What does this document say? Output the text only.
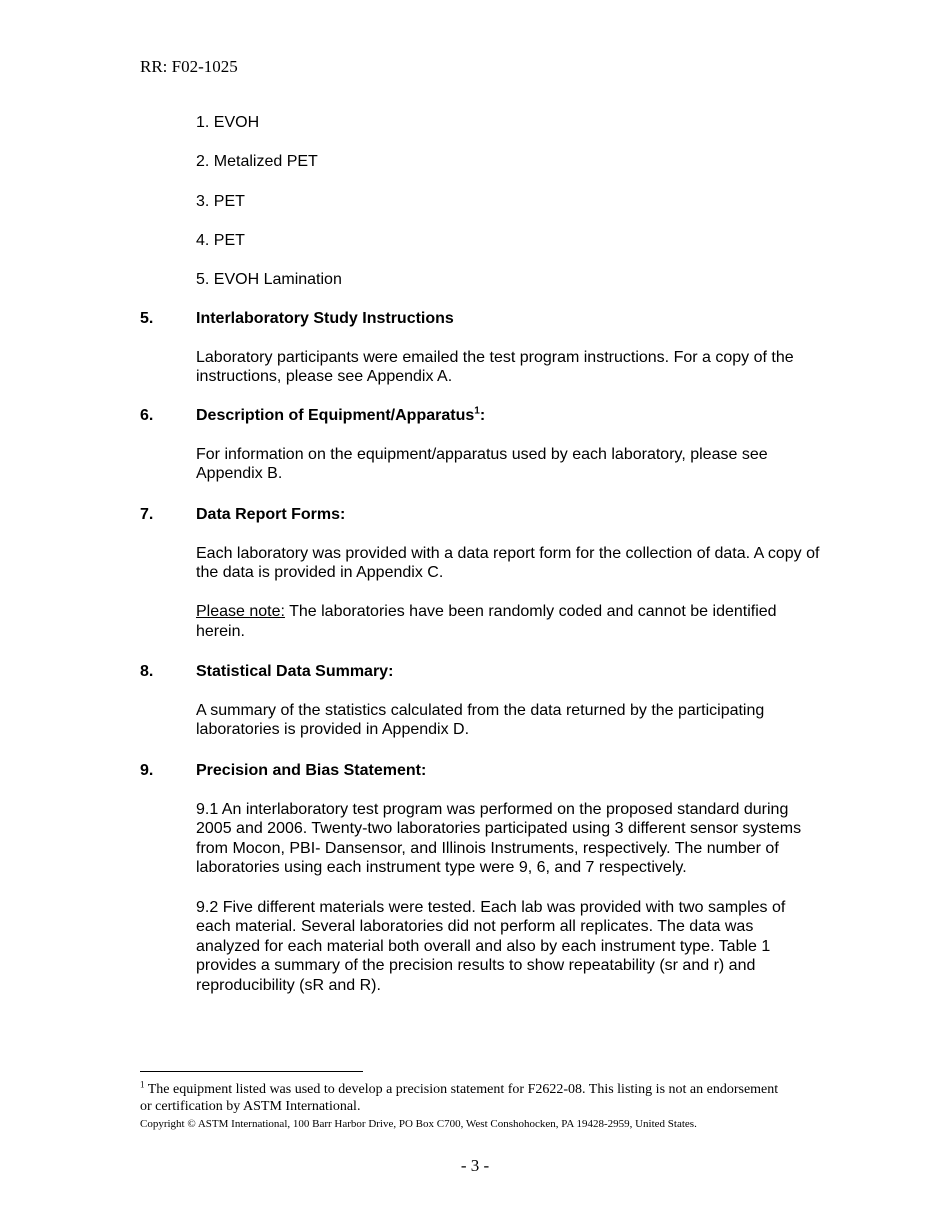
RR: F02-1025
1. EVOH
2. Metalized PET
3. PET
4. PET
5. EVOH Lamination
5.	Interlaboratory Study Instructions
Laboratory participants were emailed the test program instructions. For a copy of the instructions, please see Appendix A.
6.	Description of Equipment/Apparatus$^1$:
For information on the equipment/apparatus used by each laboratory, please see Appendix B.
7.	Data Report Forms:
Each laboratory was provided with a data report form for the collection of data. A copy of the data is provided in Appendix C.
Please note: The laboratories have been randomly coded and cannot be identified herein.
8.	Statistical Data Summary:
A summary of the statistics calculated from the data returned by the participating laboratories is provided in Appendix D.
9.	Precision and Bias Statement:
9.1 An interlaboratory test program was performed on the proposed standard during 2005 and 2006. Twenty-two laboratories participated using 3 different sensor systems from Mocon, PBI- Dansensor, and Illinois Instruments, respectively. The number of laboratories using each instrument type were 9, 6, and 7 respectively.
9.2 Five different materials were tested. Each lab was provided with two samples of each material. Several laboratories did not perform all replicates. The data was analyzed for each material both overall and also by each instrument type. Table 1 provides a summary of the precision results to show repeatability (sr and r) and reproducibility (sR and R).
$^1$ The equipment listed was used to develop a precision statement for F2622-08. This listing is not an endorsement or certification by ASTM International.
Copyright © ASTM International, 100 Barr Harbor Drive, PO Box C700, West Conshohocken, PA 19428-2959, United States.
- 3 -
